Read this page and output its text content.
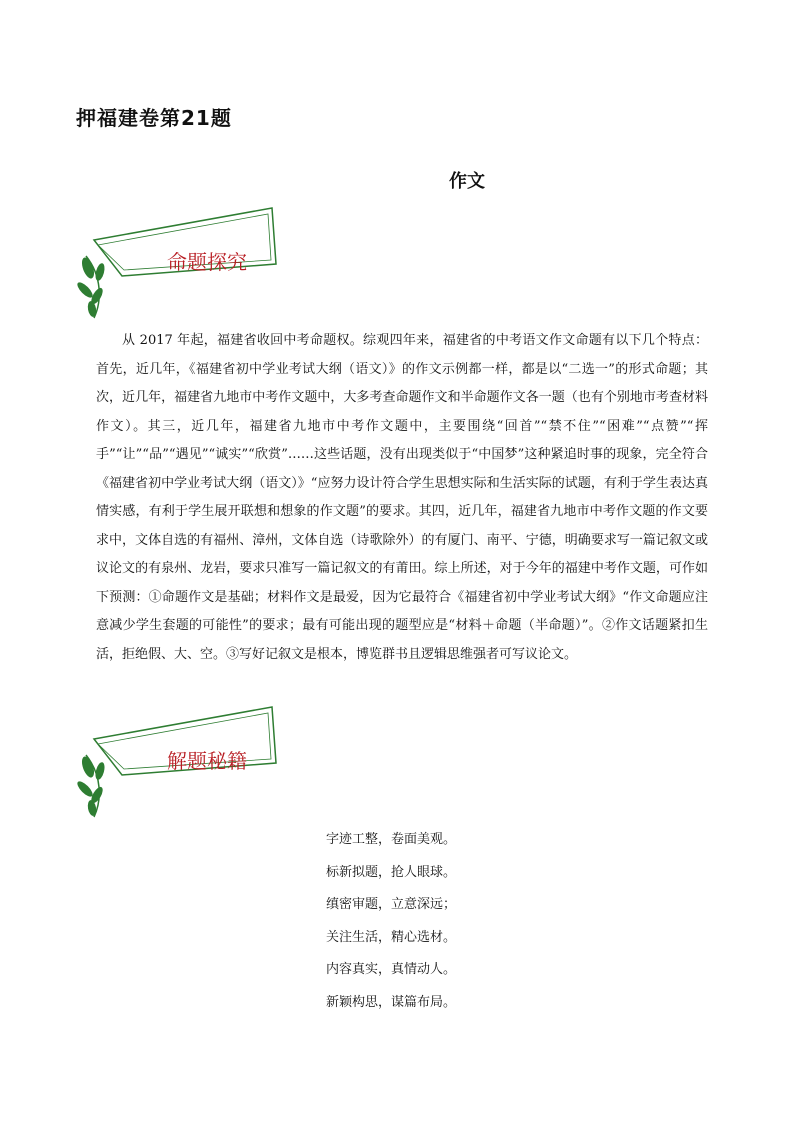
押福建卷第21题
作文
命题探究

从 2017 年起，福建省收回中考命题权。综观四年来，福建省的中考语文作文命题有以下几个特点：首先，近几年，《福建省初中学业考试大纲（语文）》的作文示例都一样，都是以“二选一”的形式命题；其次，近几年，福建省九地市中考作文题中，大多考查命题作文和半命题作文各一题（也有个别地市考查材料作文）。其三，近几年，福建省九地市中考作文题中，主要围绕“回首”“禁不住”“困难”“点赞”“挥手”“让”“品”“遇见”“诚实”“欣赏”……这些话题，没有出现类似于“中国梦”这种紧追时事的现象，完全符合《福建省初中学业考试大纲（语文）》“应努力设计符合学生思想实际和生活实际的试题，有利于学生表达真情实感，有利于学生展开联想和想象的作文题”的要求。其四，近几年，福建省九地市中考作文题的作文要求中，文体自选的有福州、漳州，文体自选（诗歌除外）的有厦门、南平、宁德，明确要求写一篇记叙文或议论文的有泉州、龙岩，要求只准写一篇记叙文的有莆田。综上所述，对于今年的福建中考作文题，可作如下预测：①命题作文是基础；材料作文是最爱，因为它最符合《福建省初中学业考试大纲》“作文命题应注意减少学生套题的可能性”的要求；最有可能出现的题型应是“材料＋命题（半命题）”。②作文话题紧扣生活，拒绝假、大、空。③写好记叙文是根本，博览群书且逻辑思维强者可写议论文。

解题秘籍
字迹工整，卷面美观。
标新拟题，抢人眼球。
缜密审题，立意深远；
关注生活，精心选材。
内容真实，真情动人。
新颖构思，谋篇布局。
